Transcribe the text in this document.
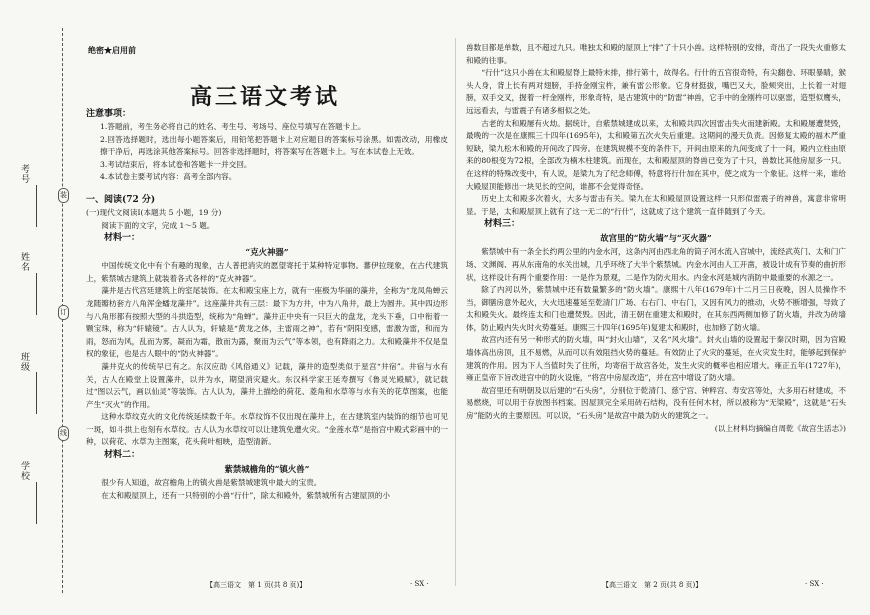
考号
姓名
班级
学校
装
订
线
绝密★启用前
高三语文考试
注意事项：
1.答题前，考生务必将自己的姓名、考生号、考场号、座位号填写在答题卡上。
2.回答选择题时，选出每小题答案后，用铅笔把答题卡上对应题目的答案标号涂黑。如需改动，用橡皮擦干净后，再选涂其他答案标号。回答非选择题时，将答案写在答题卡上。写在本试卷上无效。
3.考试结束后，将本试卷和答题卡一并交回。
4.本试卷主要考试内容：高考全部内容。
一、阅读(72 分)
(一)现代文阅读Ⅰ(本题共 5 小题，19 分)
阅读下面的文字，完成 1～5 题。
材料一：
“克火神器”
中国传统文化中有个有趣的现象，古人普把消灾的愿望寄托于某种特定事物。蕃伊拉现象，在古代建筑上，紫禁城古建筑上就装着各式各样的“克火神器”。
藻井是古代宫廷建筑上的室尾装饰。在太和殿宝座上方，就有一座极为华丽的藻井，全称为“龙凤角蝉云龙随瓣枋套方八角浑金蟠龙藻井”。这座藻井共有三层：最下为方井，中为八角井，最上为圆井。其中四边形与八角形都有按照大型的斗拱造型，统称为“角蝉”。藻井正中央有一只巨大的盘龙，龙头下垂，口中衔着一颗宝珠，称为“轩辕镜”。古人认为，轩辕是“黄龙之体，主雷雨之神”，若有“阴阳变感，雷激为雷，和而为雨，怒而为风，乱而为雾，凝而为霜，散而为露，聚而为云气”等本领，也有降雨之力。太和殿藻井不仅是皇权的象征，也是古人眼中的“防火神器”。
藻井克火的传统早已有之。东汉应劭《风俗通义》记载，藻井的造型类似于星宫“井宿”。井宿与水有关，古人在殿堂上设置藻井，以井为水，期望消灾避火。东汉科学家王延寿撰写《鲁灵光殿赋》，就记载过“图以云气，画以仙灵”等装饰。古人认为，藻井上描绘的荷花、菱角和水草等与水有关的花草图案，也能产生“灭火”的作用。
这种水草纹克火的文化传统延续数千年。水草纹饰不仅出现在藻井上，在古建筑室内装饰的细节也可见一斑，如斗拱上也刻有水草纹。古人认为水草纹可以让建筑免遭火灾。“金莲水草”是指宫中殿式彩画中的一种，以荷花、水草为主图案，花头荷叶相映，造型清新。
材料二：
紫禁城檐角的“镇火兽”
很少有人知道，故宫檐角上的镇火兽是紫禁城建筑中最大的宝贵。
在太和殿屋顶上，还有一只特别的小兽“行什”，除太和殿外，紫禁城所有古建屋顶的小
兽数目都是单数，且不超过九只。唯独太和殿的屋顶上“排”了十只小兽。这样特别的安排，奇出了一段失火重修太和殿的往事。
“行什”这只小兽在太和殿屋脊上最特末排，排行第十，故得名。行什的五官很奇特，有尖翻卷、环眼暴睛，猴头人身，背上长有两对翅膀，手持金刚宝杵，兼有雷公形象。它身材挺拔，嘴巴又大，脸颊突出，上长着一对翅膀，双手交叉，握着一杆金刚杵，形象奇特，是古建筑中的“防雷”神兽，它手中的金刚杵可以驱雷，造型似鹰头，远远看去，与雷震子有诸多相似之处。
古老的太和殿屡有火劫。据统计，自紫禁城建成以来，太和殿共四次因雷击失火而建新殿。太和殿屡遭焚毁，最晚的一次是在康熙三十四年(1695年)，太和殿第五次火失后重建。这期间的漫天负责。因修复太殿的福木严重短缺，梁九松木和殿的开间改了四旁。在建筑规模不变的条件下，开间由原来的九间变成了十一间，殿内立柱由原来的80根变为72根，全部改为楠木柱建筑。而现在，太和殿屋顶的脊兽已变为了十只，兽数比其他房屋多一只。在这样的特殊改变中，有人说，是梁九为了纪念师傅，特意将行什加在其中，使之成为一个象征。这样一来，谁给大殿屋顶能修出一块见长的空间，谁都不会觉得奇怪。
历史上太和殿多次着火，大多与雷击有关。梁九在太和殿屋顶设置这样一只形似雷震子的神兽，寓意非常明显。于是，太和殿屋顶上就有了这一无二的“行什”，这就成了这个建筑一直伴随到了今天。
材料三：
故宫里的“防火墙”与“灭火器”
紫禁城中有一条全长约两公里的内金水河，这条内河由西北角的筒子河水流入宫城中，流经武英门、太和门广场、文渊阁、再从东南角的水关出城，几乎环绕了大半个紫禁城。内金水河由人工开凿，被设计成有节奏的曲折形状，这样设计有两个重要作用：一是作为景观，二是作为防火用水。内金水河是城内消防中最重要的水源之一。
除了内河以外，紫禁城中还有数量繁多的“防火墙”。康熙十八年(1679年)十二月三日夜晚，因人员操作不当，御膳房意外起火，大火迅速蔓延至乾清门广场、右右门、中右门，又因有风力的推动，火势不断增强，导致了太和殿失火。最终连太和门也遭焚毁。因此，清王朝在重建太和殿时，在其东西两侧加修了防火墙，并改为砖墙体，防止殿内失火时火势蔓延。康熙三十四年(1695年)复建太和殿时，也加修了防火墙。
故宫内还有另一种形式的防火墙，叫“封火山墙”，又名“风火墙”。封火山墙的设置起于秦汉时期，因为宫殿墙体高出房顶，且不易燃，从而可以有效阻挡火势的蔓延。有效防止了火灾的蔓延，在火灾发生时，能够起到保护建筑的作用。因为下人当值时失了住所，均寄宿于故宫各处，发生火灾的概率也相应增大。雍正五年(1727年)，雍正皇帝下旨改进宫中的防火设施，“将宫中房屋改造”，并在宫中增设了防火墙。
故宫里还有明朝及以后建的“石头房”，分别位于乾清门、慈宁宫、钟粹宫、寿安宫等处，大多用石材建成，不易燃烧，可以用于存放图书档案。因屋顶完全采用砖石结构，没有任何木材，所以被称为“无梁殿”，这就是“石头房”能防火的主要原因。可以说，“石头房”是故宫中最为防火的建筑之一。
(以上材料均摘编自周乾《故宫生活志》)
【高三语文　第 1 页(共 8 页)】	· SX ·	【高三语文　第 2 页(共 8 页)】	· SX ·
